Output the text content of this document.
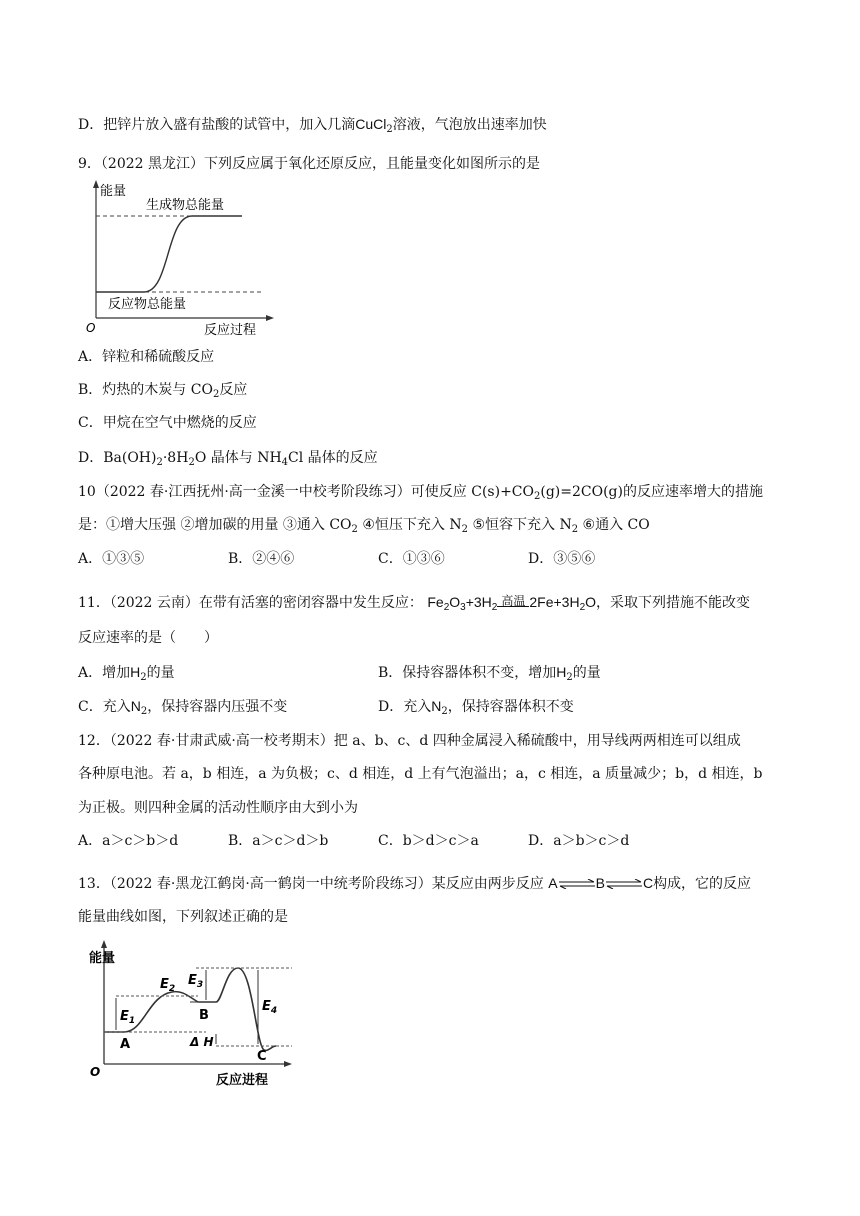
D．把锌片放入盛有盐酸的试管中，加入几滴CuCl$_2$溶液，气泡放出速率加快
9．（2022 黑龙江）下列反应属于氧化还原反应，且能量变化如图所示的是
能量
生成物总能量
反应物总能量
O	反应过程
A．锌粒和稀硫酸反应
B．灼热的木炭与 $CO_2$反应
C．甲烷在空气中燃烧的反应
D．$Ba(OH)_2\cdot 8H_2O$ 晶体与 $NH_4Cl$ 晶体的反应
10（2022 春·江西抚州·高一金溪一中校考阶段练习）可使反应 $C(s)+CO_2(g)=2CO(g)$的反应速率增大的措施
是：①增大压强 ②增加碳的用量 ③通入 $CO_2$ ④恒压下充入 $N_2$ ⑤恒容下充入 $N_2$ ⑥通入 CO
A．①③⑤	B．②④⑥	C．①③⑥	D．③⑤⑥
11．（2022 云南）在带有活塞的密闭容器中发生反应： $Fe_2O_3+3H_2$ 高温 $2Fe+3H_2O$，采取下列措施不能改变
反应速率的是（　　）
A．增加$H_2$的量	B．保持容器体积不变，增加$H_2$的量
C．充入$N_2$，保持容器内压强不变	D．充入$N_2$，保持容器体积不变
12．（2022 春·甘肃武威·高一校考期末）把 a、b、c、d 四种金属浸入稀硫酸中，用导线两两相连可以组成
各种原电池。若 a，b 相连，a 为负极；c、d 相连，d 上有气泡溢出；a，c 相连，a 质量减少；b，d 相连，b
为正极。则四种金属的活动性顺序由大到小为
A．a＞c＞b＞d	B．a＞c＞d＞b	C．b＞d＞c＞a	D．a＞b＞c＞d
13．（2022 春·黑龙江鹤岗·高一鹤岗一中统考阶段练习）某反应由两步反应 A	B	C构成，它的反应
能量曲线如图，下列叙述正确的是
能量
$E_1$
$E_2$
$E_3$
$E_4$
A
B
C
Δ H
O
反应进程
